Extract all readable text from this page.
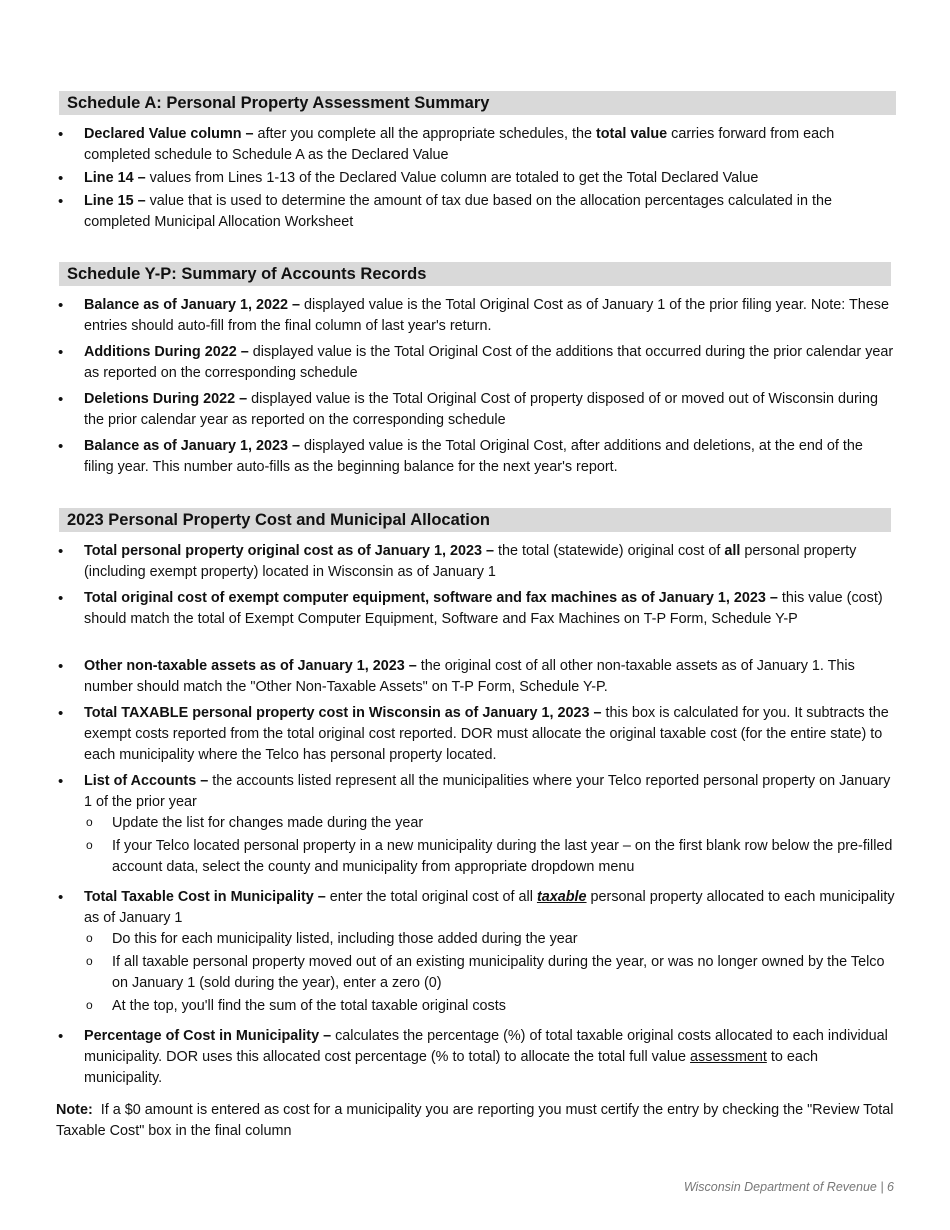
Schedule A: Personal Property Assessment Summary
• Declared Value column – after you complete all the appropriate schedules, the total value carries forward from each completed schedule to Schedule A as the Declared Value
• Line 14 – values from Lines 1-13 of the Declared Value column are totaled to get the Total Declared Value
• Line 15 – value that is used to determine the amount of tax due based on the allocation percentages calculated in the completed Municipal Allocation Worksheet
Schedule Y-P: Summary of Accounts Records
• Balance as of January 1, 2022 – displayed value is the Total Original Cost as of January 1 of the prior filing year. Note: These entries should auto-fill from the final column of last year's return.
• Additions During 2022 – displayed value is the Total Original Cost of the additions that occurred during the prior calendar year as reported on the corresponding schedule
• Deletions During 2022 – displayed value is the Total Original Cost of property disposed of or moved out of Wisconsin during the prior calendar year as reported on the corresponding schedule
• Balance as of January 1, 2023 – displayed value is the Total Original Cost, after additions and deletions, at the end of the filing year. This number auto-fills as the beginning balance for the next year's report.
2023 Personal Property Cost and Municipal Allocation
• Total personal property original cost as of January 1, 2023 – the total (statewide) original cost of all personal property (including exempt property) located in Wisconsin as of January 1
• Total original cost of exempt computer equipment, software and fax machines as of January 1, 2023 – this value (cost) should match the total of Exempt Computer Equipment, Software and Fax Machines on T-P Form, Schedule Y-P
• Other non-taxable assets as of January 1, 2023 – the original cost of all other non-taxable assets as of January 1. This number should match the "Other Non-Taxable Assets" on T-P Form, Schedule Y-P.
• Total TAXABLE personal property cost in Wisconsin as of January 1, 2023 – this box is calculated for you. It subtracts the exempt costs reported from the total original cost reported. DOR must allocate the original taxable cost (for the entire state) to each municipality where the Telco has personal property located.
• List of Accounts – the accounts listed represent all the municipalities where your Telco reported personal property on January 1 of the prior year
o Update the list for changes made during the year
o If your Telco located personal property in a new municipality during the last year – on the first blank row below the pre-filled account data, select the county and municipality from appropriate dropdown menu
• Total Taxable Cost in Municipality – enter the total original cost of all taxable personal property allocated to each municipality as of January 1
o Do this for each municipality listed, including those added during the year
o If all taxable personal property moved out of an existing municipality during the year, or was no longer owned by the Telco on January 1 (sold during the year), enter a zero (0)
o At the top, you'll find the sum of the total taxable original costs
• Percentage of Cost in Municipality – calculates the percentage (%) of total taxable original costs allocated to each individual municipality. DOR uses this allocated cost percentage (% to total) to allocate the total full value assessment to each municipality.
Note:  If a $0 amount is entered as cost for a municipality you are reporting you must certify the entry by checking the "Review Total Taxable Cost" box in the final column
Wisconsin Department of Revenue | 6
